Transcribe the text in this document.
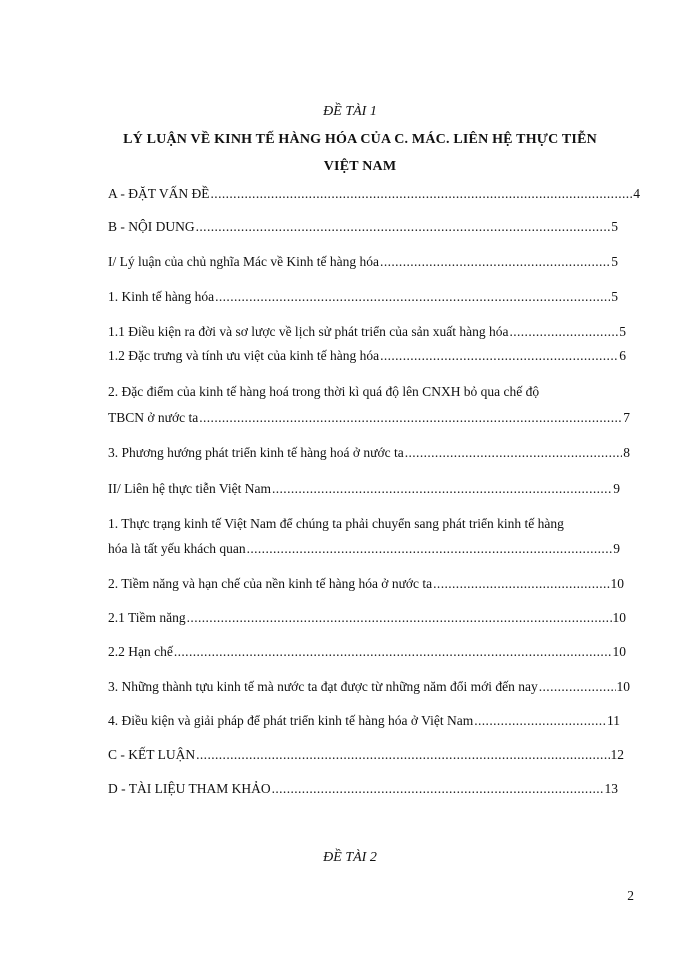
ĐỀ TÀI 1
LÝ LUẬN VỀ KINH TẾ HÀNG HÓA CỦA C. MÁC. LIÊN HỆ THỰC TIỄN
VIỆT NAM
A - ĐẶT VẤN ĐỀ .....	4
B - NỘI DUNG .....	5
I/ Lý luận của chủ nghĩa Mác về Kinh tế hàng hóa .....	5
1. Kinh tế hàng hóa .....	5
1.1 Điều kiện ra đời và sơ lược về lịch sử phát triển của sản xuất hàng hóa .....	5
1.2 Đặc trưng và tính ưu việt của kinh tế hàng hóa .....	6
2. Đặc điểm của kinh tế hàng hoá trong thời kì quá độ lên CNXH bỏ qua chế độ
TBCN ở nước ta .....	7
3. Phương hướng phát triển kinh tế hàng hoá ở nước ta .....	8
II/ Liên hệ thực tiễn Việt Nam .....	9
1. Thực trạng kinh tế Việt Nam để chúng ta phải chuyển sang phát triển kinh tế hàng
hóa là tất yếu khách quan .....	9
2. Tiềm năng và hạn chế của nền kinh tế hàng hóa ở nước ta .....	10
2.1 Tiềm năng .....	10
2.2 Hạn chế .....	10
3. Những thành tựu kinh tế mà nước ta đạt được từ những năm đổi mới đến nay .....	10
4. Điều kiện và giải pháp để phát triển kinh tế hàng hóa ở Việt Nam .....	11
C - KẾT LUẬN .....	12
D - TÀI LIỆU THAM KHẢO .....	13
ĐỀ TÀI 2
2
